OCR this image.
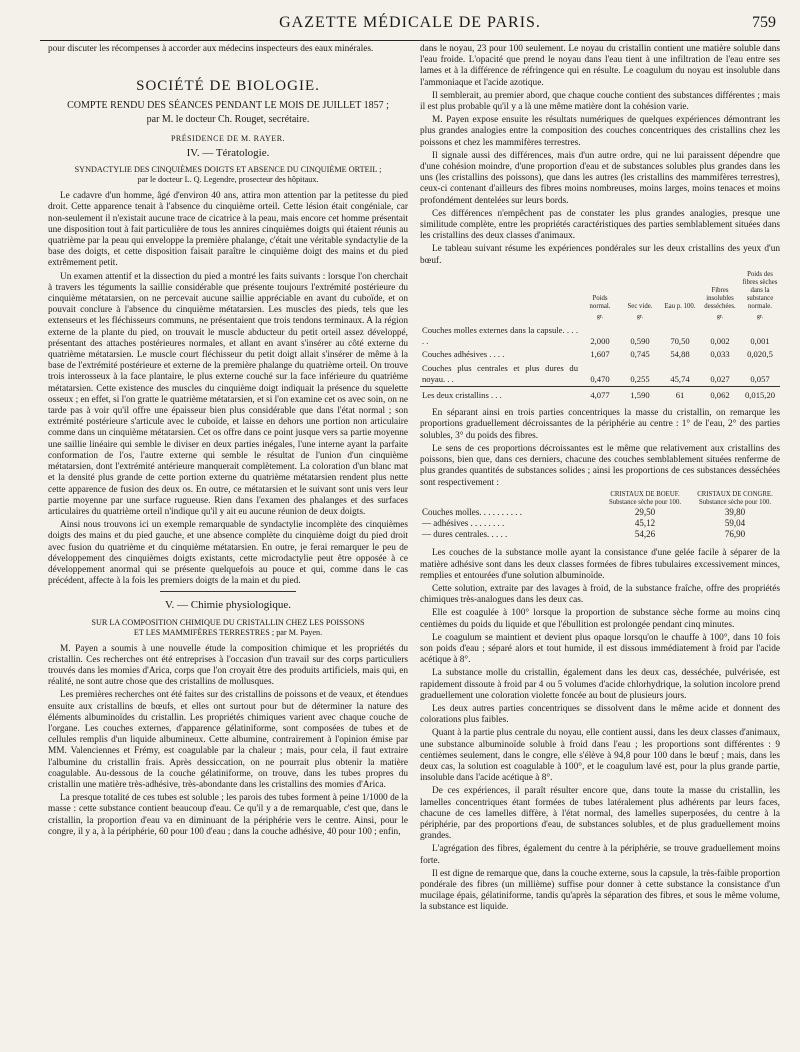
GAZETTE MÉDICALE DE PARIS.	759

pour discuter les récompenses à accorder aux médecins inspecteurs des eaux minérales.

SOCIÉTÉ DE BIOLOGIE.
COMPTE RENDU DES SÉANCES PENDANT LE MOIS DE JUILLET 1857 ;
par M. le docteur Ch. Rouget, secrétaire.
PRÉSIDENCE DE M. RAYER.
IV. — Tératologie.
SYNDACTYLIE DES CINQUIÈMES DOIGTS ET ABSENCE DU CINQUIÈME ORTEIL ;
par le docteur L. Q. Legendre, prosecteur des hôpitaux.

Le cadavre d'un homme, âgé d'environ 40 ans, attira mon attention par la petitesse du pied droit. Cette apparence tenait à l'absence du cinquième orteil. Cette lésion était congéniale, car non-seulement il n'existait aucune trace de cicatrice à la peau, mais encore cet homme présentait une disposition tout à fait particulière de tous les annires cinquièmes doigts qui étaient réunis au quatrième par la peau qui enveloppe la première phalange, c'était une véritable syndactylie de la base des doigts, et cette disposition faisait paraître le cinquième doigt des mains et du pied extrêmement petit.

Un examen attentif et la dissection du pied a montré les faits suivants : lorsque l'on cherchait à travers les téguments la saillie considérable que présente toujours l'extrémité postérieure du cinquième métatarsien, on ne percevait aucune saillie appréciable en avant du cuboïde, et on pouvait conclure à l'absence du cinquième métatarsien. Les muscles des pieds, tels que les extenseurs et les fléchisseurs communs, ne présentaient que trois tendons terminaux. A la région externe de la plante du pied, on trouvait le muscle abducteur du petit orteil assez développé, présentant des attaches postérieures normales, et allant en avant s'insérer au côté externe du quatrième métatarsien. Le muscle court fléchisseur du petit doigt allait s'insérer de même à la base de l'extrémité postérieure et externe de la première phalange du quatrième orteil. On trouve trois interosseux à la face plantaire, le plus externe couché sur la face inférieure du quatrième métatarsien. Cette existence des muscles du cinquième doigt indiquait la présence du squelette osseux ; en effet, si l'on gratte le quatrième métatarsien, et si l'on examine cet os avec soin, on ne tarde pas à voir qu'il offre une épaisseur bien plus considérable que dans l'état normal ; son extrémité postérieure s'articule avec le cuboïde, et laisse en dehors une portion non articulaire comme dans un cinquième métatarsien. Cet os offre dans ce point jusque vers sa partie moyenne une saillie linéaire qui semble le diviser en deux parties inégales, l'une interne ayant la parfaite conformation de l'os, l'autre externe qui semble le résultat de l'union d'un cinquième métatarsien, dont l'extrémité antérieure manquerait complètement. La coloration d'un blanc mat et la densité plus grande de cette portion externe du quatrième métatarsien rendent plus nette cette apparence de fusion des deux os. En outre, ce métatarsien et le suivant sont unis vers leur partie moyenne par une surface rugueuse. Rien dans l'examen des phalanges et des surfaces articulaires du quatrième orteil n'indique qu'il y ait eu aucune réunion de deux doigts.

Ainsi nous trouvons ici un exemple remarquable de syndactylie incomplète des cinquièmes doigts des mains et du pied gauche, et une absence complète du cinquième doigt du pied droit avec fusion du quatrième et du cinquième métatarsien. En outre, je ferai remarquer le peu de développement des cinquièmes doigts existants, cette microdactylie peut être opposée à ce développement anormal qui se présente quelquefois au pouce et qui, comme dans le cas précédent, affecte à la fois les premiers doigts de la main et du pied.

V. — Chimie physiologique.
SUR LA COMPOSITION CHIMIQUE DU CRISTALLIN CHEZ LES POISSONS
ET LES MAMMIFÈRES TERRESTRES ; par M. Payen.

M. Payen a soumis à une nouvelle étude la composition chimique et les propriétés du cristallin. Ces recherches ont été entreprises à l'occasion d'un travail sur des corps particuliers trouvés dans les momies d'Arica, corps que l'on croyait être des produits artificiels, mais qui, en réalité, ne sont autre chose que des cristallins de mollusques.

Les premières recherches ont été faites sur des cristallins de poissons et de veaux, et étendues ensuite aux cristallins de bœufs, et elles ont surtout pour but de déterminer la nature des éléments albuminoïdes du cristallin. Les propriétés chimiques varient avec chaque couche de l'organe. Les couches externes, d'apparence gélatiniforme, sont composées de tubes et de cellules remplis d'un liquide albumineux. Cette albumine, contrairement à l'opinion émise par MM. Valenciennes et Frémy, est coagulable par la chaleur ; mais, pour cela, il faut extraire l'albumine du cristallin frais. Après dessiccation, on ne pourrait plus obtenir la matière coagulable. Au-dessous de la couche gélatiniforme, on trouve, dans les tubes propres du cristallin une matière très-adhésive, très-abondante dans les cristallins des momies d'Arica.

La presque totalité de ces tubes est soluble ; les parois des tubes forment à peine 1/1000 de la masse : cette substance contient beaucoup d'eau. Ce qu'il y a de remarquable, c'est que, dans le cristallin, la proportion d'eau va en diminuant de la périphérie vers le centre. Ainsi, pour le congre, il y a, à la périphérie, 60 pour 100 d'eau ; dans la couche adhésive, 40 pour 100 ; enfin,

dans le noyau, 23 pour 100 seulement. Le noyau du cristallin contient une matière soluble dans l'eau froide. L'opacité que prend le noyau dans l'eau tient à une infiltration de l'eau entre ses lames et à la différence de réfringence qui en résulte. Le coagulum du noyau est insoluble dans l'ammoniaque et l'acide azotique.

Il semblerait, au premier abord, que chaque couche contient des substances différentes ; mais il est plus probable qu'il y a là une même matière dont la cohésion varie.

M. Payen expose ensuite les résultats numériques de quelques expériences démontrant les plus grandes analogies entre la composition des couches concentriques des cristallins chez les poissons et chez les mammifères terrestres.

Il signale aussi des différences, mais d'un autre ordre, qui ne lui paraissent dépendre que d'une cohésion moindre, d'une proportion d'eau et de substances solubles plus grandes dans les uns (les cristallins des poissons), que dans les autres (les cristallins des mammifères terrestres), ceux-ci contenant d'ailleurs des fibres moins nombreuses, moins larges, moins tenaces et moins profondément dentelées sur leurs bords.

Ces différences n'empêchent pas de constater les plus grandes analogies, presque une similitude complète, entre les propriétés caractéristiques des parties semblablement situées dans les cristallins des deux classes d'animaux.

Le tableau suivant résume les expériences pondérales sur les deux cristallins des yeux d'un bœuf.

	Poids normal.	Sec vide.	Eau p. 100.	Fibres insolubles desséchées.	Poids des fibres sèches dans la substance normale.
	gr.	gr.		gr.	gr.
Couches molles externes dans la capsule. . . . . .	2,000	0,590	70,50	0,002	0,001
Couches adhésives . . . .	1,607	0,745	54,88	0,033	0,020,5
Couches plus centrales et plus dures du noyau. . .	0,470	0,255	45,74	0,027	0,057
Les deux cristallins . . .	4,077	1,590	61	0,062	0,015,20

En séparant ainsi en trois parties concentriques la masse du cristallin, on remarque les proportions graduellement décroissantes de la périphérie au centre : 1° de l'eau, 2° des parties solubles, 3° du poids des fibres.

Le sens de ces proportions décroissantes est le même que relativement aux cristallins des poissons, bien que, dans ces derniers, chacune des couches semblablement situées renferme de plus grandes quantités de substances solides ; ainsi les proportions de ces substances desséchées sont respectivement :

	CRISTAUX DE BOEUF. Substance sèche pour 100.	CRISTAUX DE CONGRE. Substance sèche pour 100.
Couches molles. . . . . . . . . .	29,50	39,80
— adhésives . . . . . . . .	45,12	59,04
— dures centrales. . . . .	54,26	76,90

Les couches de la substance molle ayant la consistance d'une gelée facile à séparer de la matière adhésive sont dans les deux classes formées de fibres tubulaires excessivement minces, remplies et entourées d'une solution albuminoïde.

Cette solution, extraite par des lavages à froid, de la substance fraîche, offre des propriétés chimiques très-analogues dans les deux cas.

Elle est coagulée à 100° lorsque la proportion de substance sèche forme au moins cinq centièmes du poids du liquide et que l'ébullition est prolongée pendant cinq minutes.

Le coagulum se maintient et devient plus opaque lorsqu'on le chauffe à 100°, dans 10 fois son poids d'eau ; séparé alors et tout humide, il est dissous immédiatement à froid par l'acide acétique à 8°.

La substance molle du cristallin, également dans les deux cas, desséchée, pulvérisée, est rapidement dissoute à froid par 4 ou 5 volumes d'acide chlorhydrique, la solution incolore prend graduellement une coloration violette foncée au bout de plusieurs jours.

Les deux autres parties concentriques se dissolvent dans le même acide et donnent des colorations plus faibles.

Quant à la partie plus centrale du noyau, elle contient aussi, dans les deux classes d'animaux, une substance albuminoïde soluble à froid dans l'eau ; les proportions sont différentes : 9 centièmes seulement, dans le congre, elle s'élève à 94,8 pour 100 dans le bœuf ; mais, dans les deux cas, la solution est coagulable à 100°, et le coagulum lavé est, pour la plus grande partie, insoluble dans l'acide acétique à 8°.

De ces expériences, il paraît résulter encore que, dans toute la masse du cristallin, les lamelles concentriques étant formées de tubes latéralement plus adhérents par leurs faces, chacune de ces lamelles diffère, à l'état normal, des lamelles superposées, du centre à la périphérie, par des proportions d'eau, de substances solubles, et de plus graduellement moins grandes.

L'agrégation des fibres, également du centre à la périphérie, se trouve graduellement moins forte.

Il est digne de remarque que, dans la couche externe, sous la capsule, la très-faible proportion pondérale des fibres (un millième) suffise pour donner à cette substance la consistance d'un mucilage épais, gélatiniforme, tandis qu'après la séparation des fibres, et sous le même volume, la substance est liquide.
